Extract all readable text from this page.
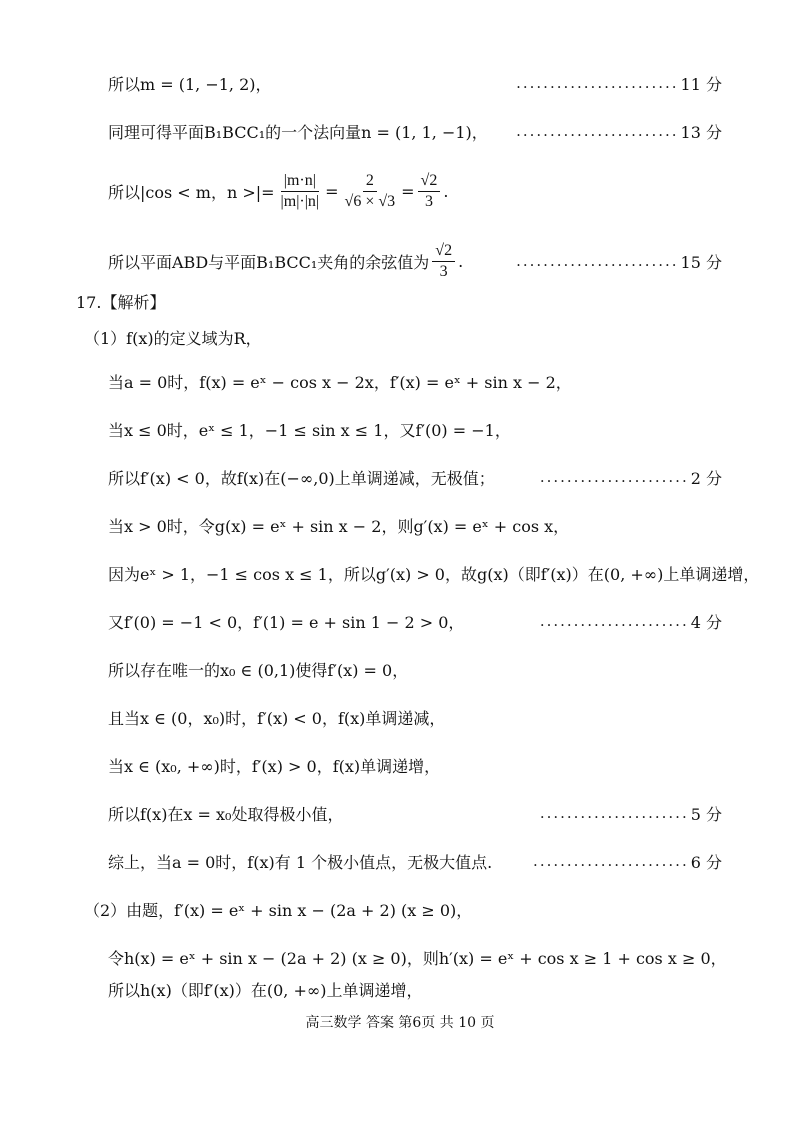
所以m = (1, −1, 2)，	........................ 11 分
同理可得平面B₁BCC₁的一个法向量n = (1, 1, −1)， ........................ 13 分
所以|cos < m，n >|= $\frac{|m\cdot n|}{|m|\cdot|n|} = \frac{2}{√6 \times √3} = \frac{√2}{3}$ .
所以平面ABD与平面B₁BCC₁夹角的余弦值为 $\frac{√2}{3}$ .	........................ 15 分
17.【解析】
（1）f(x)的定义域为R，
当a = 0时，f(x) = eˣ − cos x − 2x，f′(x) = eˣ + sin x − 2，
当x ≤ 0时，eˣ ≤ 1，−1 ≤ sin x ≤ 1，又f′(0) = −1，
所以f′(x) < 0，故f(x)在(−∞,0)上单调递减，无极值；	...................... 2 分
当x > 0时，令g(x) = eˣ + sin x − 2，则g′(x) = eˣ + cos x，
因为eˣ > 1，−1 ≤ cos x ≤ 1，所以g′(x) > 0，故g(x)（即f′(x)）在(0, +∞)上单调递增，
又f′(0) = −1 < 0，f′(1) = e + sin 1 − 2 > 0，	...................... 4 分
所以存在唯一的x₀ ∈ (0,1)使得f′(x) = 0，
且当x ∈ (0，x₀)时，f′(x) < 0，f(x)单调递减，
当x ∈ (x₀, +∞)时，f′(x) > 0，f(x)单调递增，
所以f(x)在x = x₀处取得极小值，	...................... 5 分
综上，当a = 0时，f(x)有 1 个极小值点，无极大值点.	....................... 6 分
（2）由题，f′(x) = eˣ + sin x − (2a + 2) (x ≥ 0)，
令h(x) = eˣ + sin x − (2a + 2) (x ≥ 0)，则h′(x) = eˣ + cos x ≥ 1 + cos x ≥ 0，
所以h(x)（即f′(x)）在(0, +∞)上单调递增，
高三数学 答案 第6页 共 10 页
